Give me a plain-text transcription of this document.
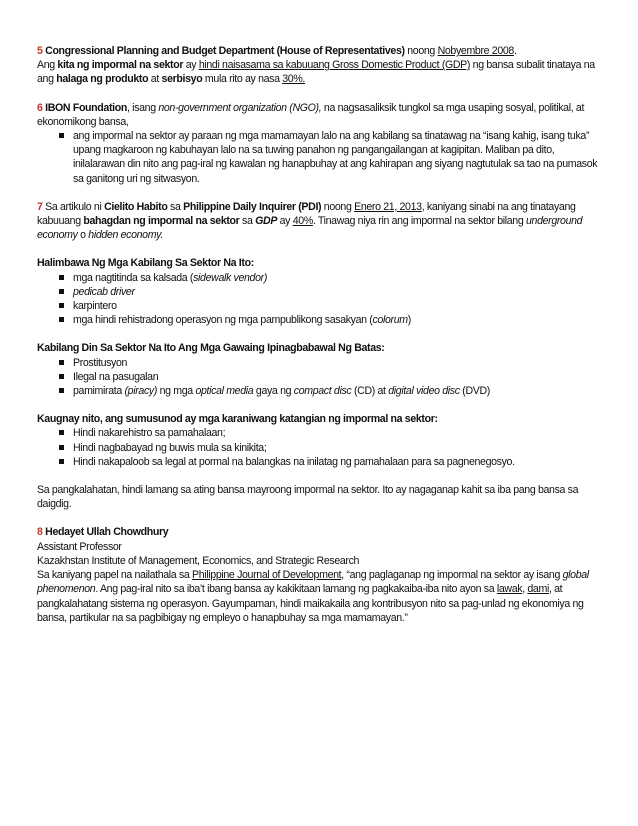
5 Congressional Planning and Budget Department (House of Representatives) noong Nobyembre 2008.

Ang kita ng impormal na sektor ay hindi naisasama sa kabuuang Gross Domestic Product (GDP) ng bansa subalit tinataya na ang halaga ng produkto at serbisyo mula rito ay nasa 30%.

6 IBON Foundation, isang non-government organization (NGO), na nagsasaliksik tungkol sa mga usaping sosyal, politikal, at ekonomikong bansa,

ang impormal na sektor ay paraan ng mga mamamayan lalo na ang kabilang sa tinatawag na “isang kahig, isang tuka” upang magkaroon ng kabuhayan lalo na sa tuwing panahon ng pangangailangan at kagipitan. Maliban pa dito, inilalarawan din nito ang pag-iral ng kawalan ng hanapbuhay at ang kahirapan ang siyang nagtutulak sa tao na pumasok sa ganitong uri ng sitwasyon.

7 Sa artikulo ni Cielito Habito sa Philippine Daily Inquirer (PDI) noong Enero 21, 2013, kaniyang sinabi na ang tinatayang kabuuang bahagdan ng impormal na sektor sa GDP ay 40%. Tinawag niya rin ang impormal na sektor bilang underground economy o hidden economy.

Halimbawa Ng Mga Kabilang Sa Sektor Na Ito:

mga nagtitinda sa kalsada (sidewalk vendor)
pedicab driver
karpintero
mga hindi rehistradong operasyon ng mga pampublikong sasakyan (colorum)

Kabilang Din Sa Sektor Na Ito Ang Mga Gawaing Ipinagbabawal Ng Batas:

Prostitusyon
Ilegal na pasugalan
pamimirata (piracy) ng mga optical media gaya ng compact disc (CD) at digital video disc (DVD)

Kaugnay nito, ang sumusunod ay mga karaniwang katangian ng impormal na sektor:

Hindi nakarehistro sa pamahalaan;
Hindi nagbabayad ng buwis mula sa kinikita;
Hindi nakapaloob sa legal at pormal na balangkas na inilatag ng pamahalaan para sa pagnenegosyo.

Sa pangkalahatan, hindi lamang sa ating bansa mayroong impormal na sektor. Ito ay nagaganap kahit sa iba pang bansa sa daigdig.

8 Hedayet Ullah Chowdhury

Assistant Professor

Kazakhstan Institute of Management, Economics, and Strategic Research

Sa kaniyang papel na nailathala sa Philippine Journal of Development, “ang paglaganap ng impormal na sektor ay isang global phenomenon. Ang pag-iral nito sa iba’t ibang bansa ay kakikitaan lamang ng pagkakaiba-iba nito ayon sa lawak, dami, at pangkalahatang sistema ng operasyon. Gayumpaman, hindi maikakaila ang kontribusyon nito sa pag-unlad ng ekonomiya ng bansa, partikular na sa pagbibigay ng empleyo o hanapbuhay sa mga mamamayan.”
